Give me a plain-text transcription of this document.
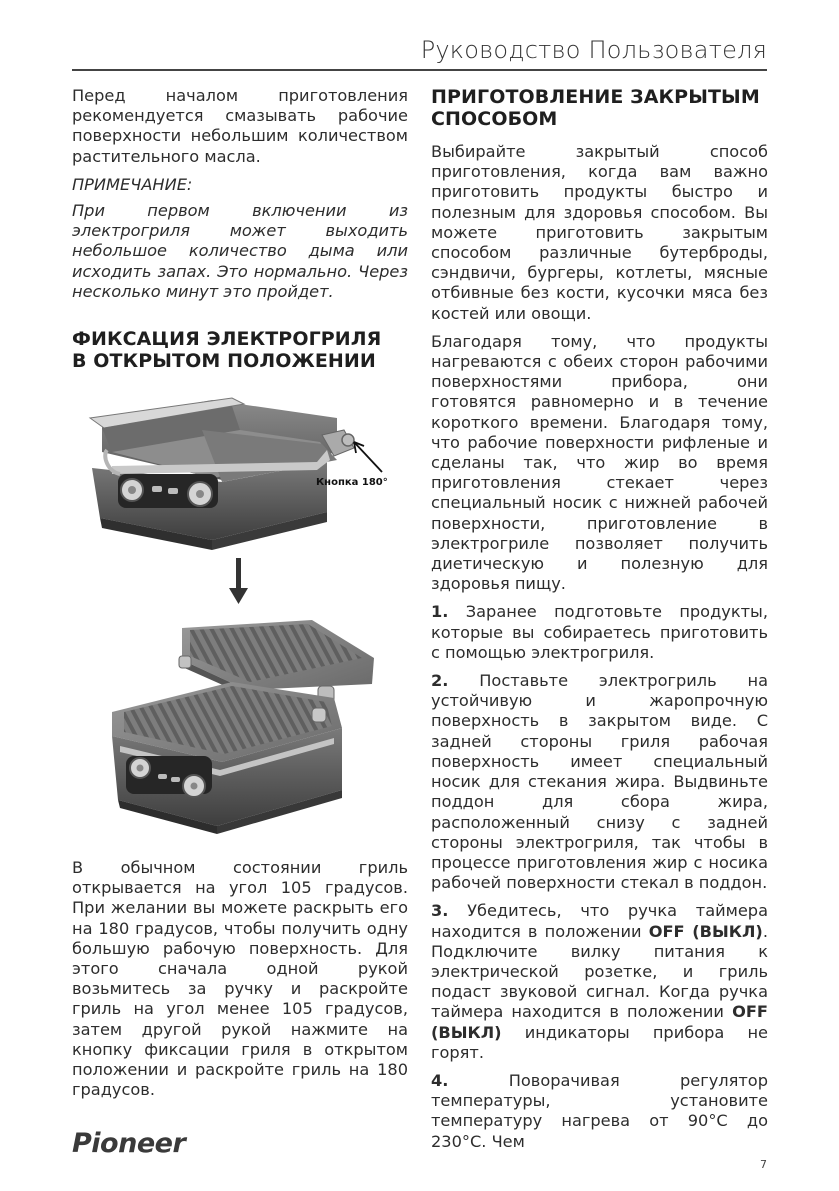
Руководство Пользователя

Перед началом приготовления рекомендуется смазывать рабочие поверхности небольшим количеством растительного масла.

ПРИМЕЧАНИЕ:

При первом включении из электрогриля может выходить небольшое количество дыма или исходить запах. Это нормально. Через несколько минут это пройдет.

ФИКСАЦИЯ ЭЛЕКТРОГРИЛЯ
В ОТКРЫТОМ ПОЛОЖЕНИИ
Кнопка 180°

В обычном состоянии гриль открывается на угол 105 градусов. При желании вы можете раскрыть его на 180 градусов, чтобы получить одну большую рабочую поверхность. Для этого сначала одной рукой возьмитесь за ручку и раскройте гриль на угол менее 105 градусов, затем другой рукой нажмите на кнопку фиксации гриля в открытом положении и раскройте гриль на 180 градусов.

ПРИГОТОВЛЕНИЕ ЗАКРЫТЫМ
СПОСОБОМ

Выбирайте закрытый способ приготовления, когда вам важно приготовить продукты быстро и полезным для здоровья способом. Вы можете приготовить закрытым способом различные бутерброды, сэндвичи, бургеры, котлеты, мясные отбивные без кости, кусочки мяса без костей или овощи.

Благодаря тому, что продукты нагреваются с обеих сторон рабочими поверхностями прибора, они готовятся равномерно и в течение короткого времени. Благодаря тому, что рабочие поверхности рифленые и сделаны так, что жир во время приготовления стекает через специальный носик с нижней рабочей поверхности, приготовление в электрогриле позволяет получить диетическую и полезную для здоровья пищу.

1. Заранее подготовьте продукты, которые вы собираетесь приготовить с помощью электрогриля.

2. Поставьте электрогриль на устойчивую и жаропрочную поверхность в закрытом виде. С задней стороны гриля рабочая поверхность имеет специальный носик для стекания жира. Выдвиньте поддон для сбора жира, расположенный снизу с задней стороны электрогриля, так чтобы в процессе приготовления жир с носика рабочей поверхности стекал в поддон.

3. Убедитесь, что ручка таймера находится в положении OFF (ВЫКЛ). Подключите вилку питания к электрической розетке, и гриль подаст звуковой сигнал. Когда ручка таймера находится в положении OFF (ВЫКЛ) индикаторы прибора не горят.

4. Поворачивая регулятор температуры, установите температуру нагрева от 90°C до 230°C. Чем

Pioneer
7
